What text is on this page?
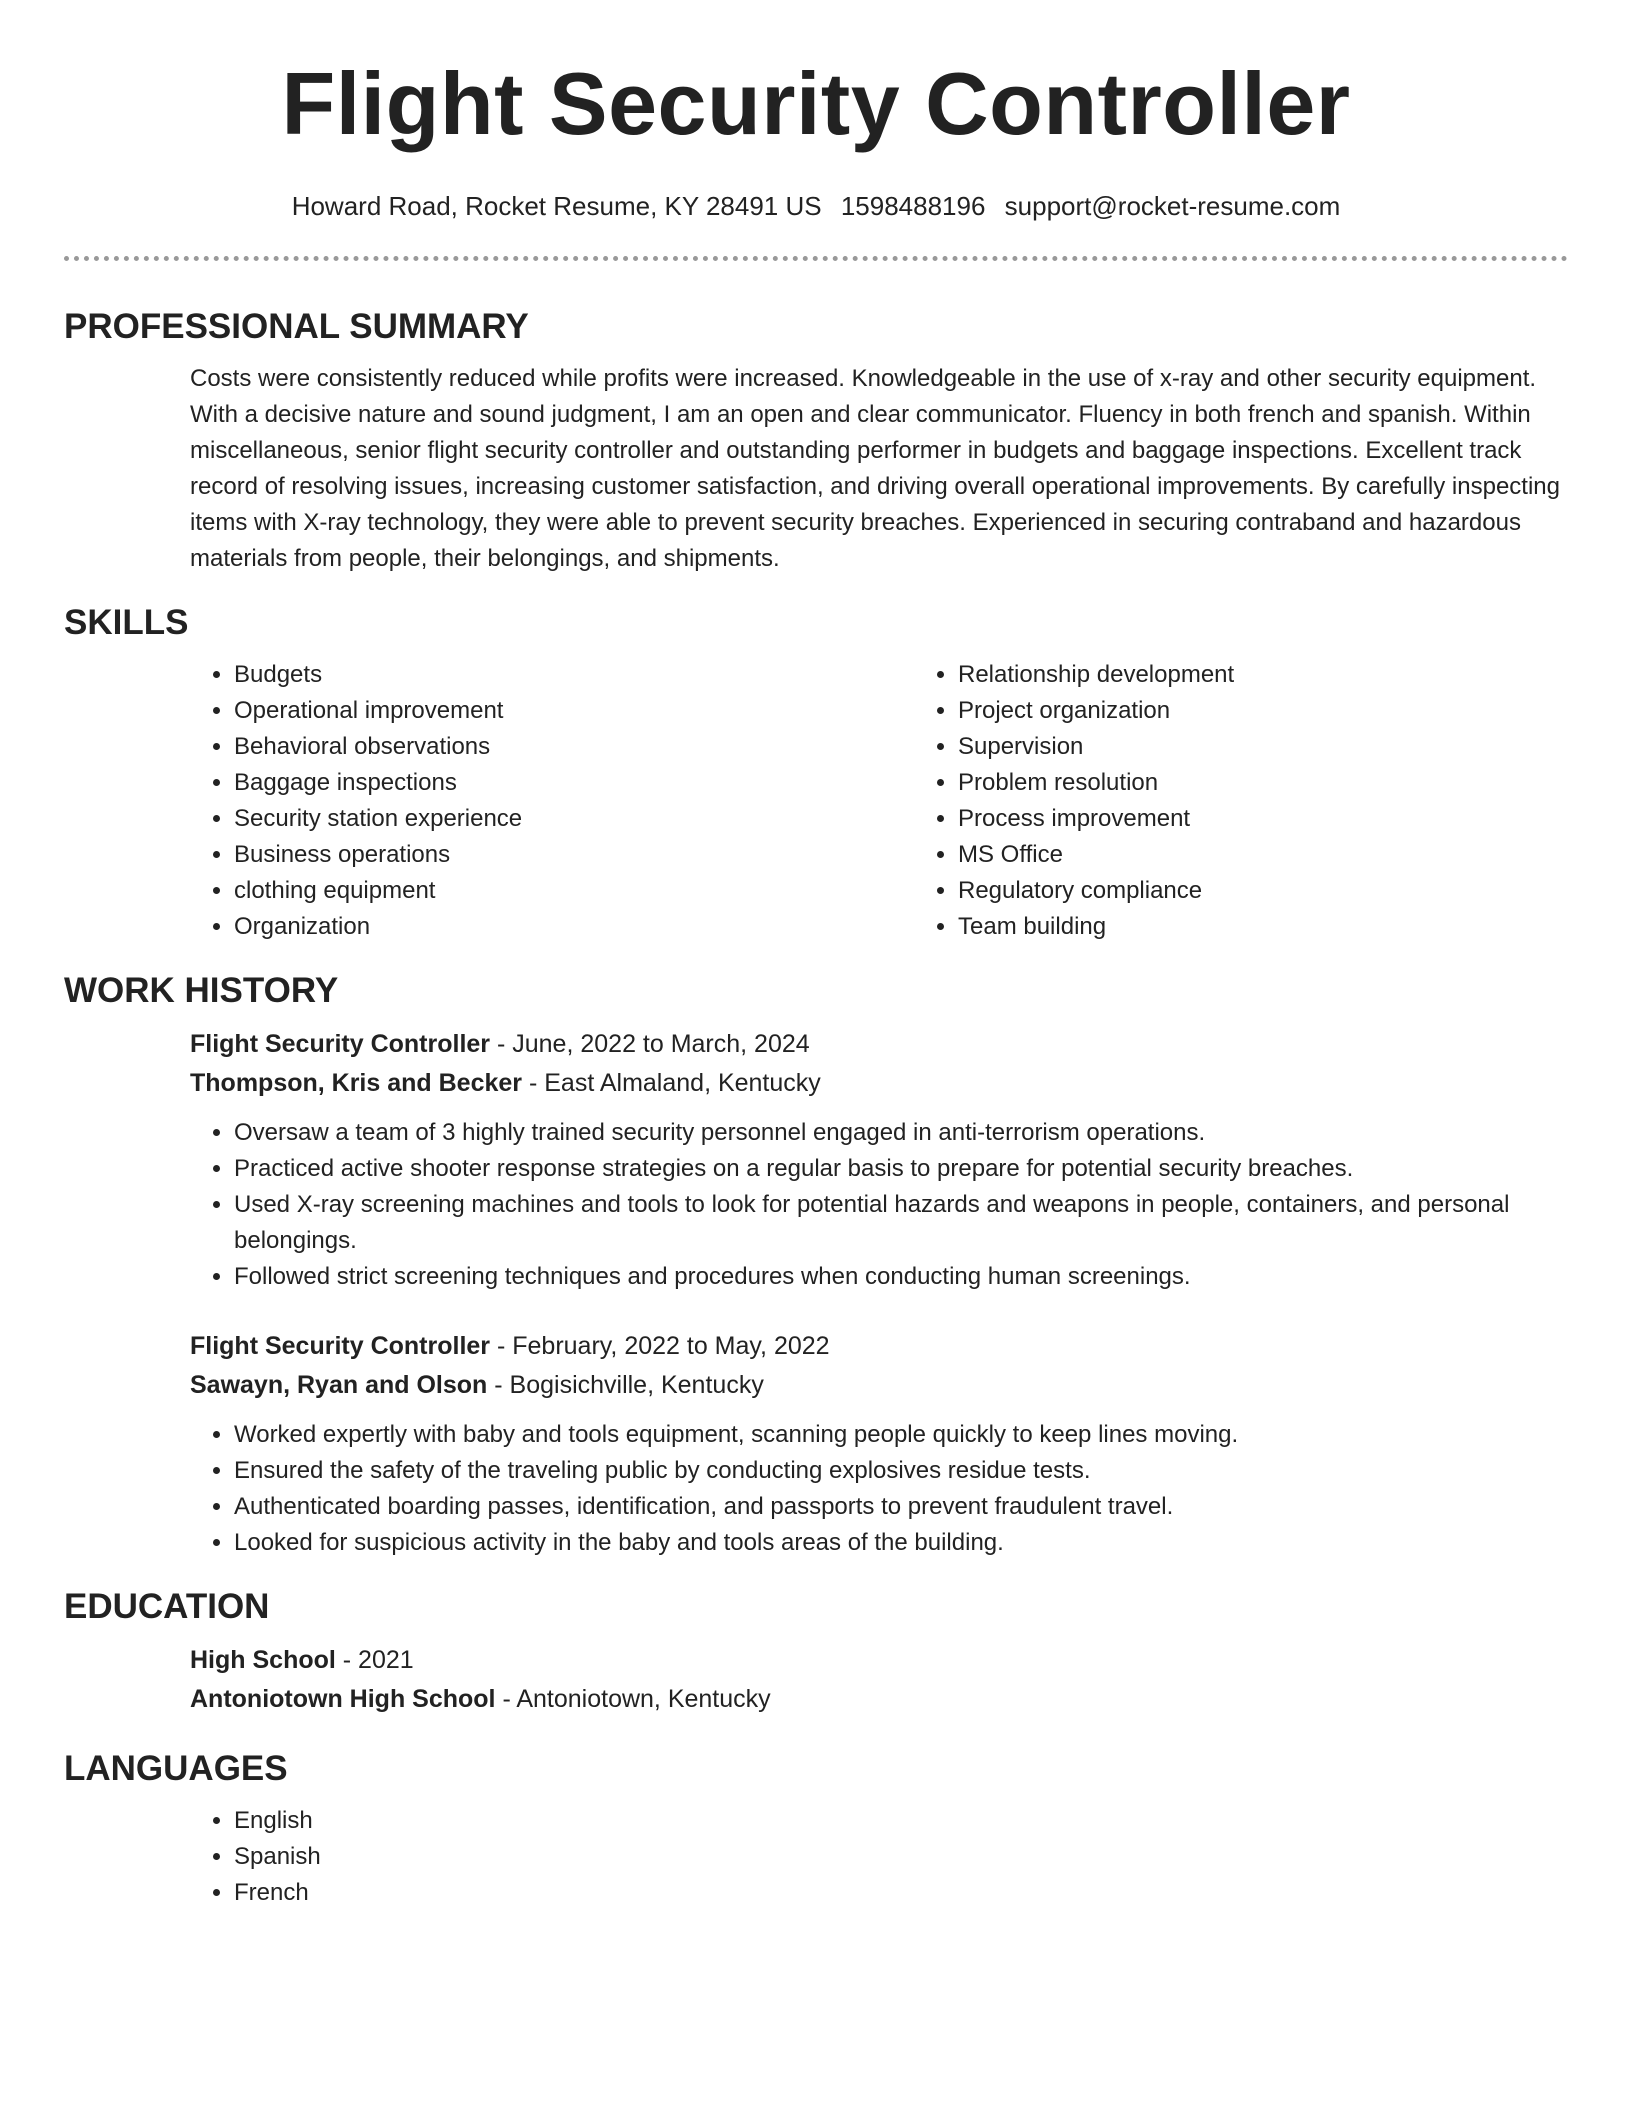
Flight Security Controller
Howard Road, Rocket Resume, KY 28491 US 1598488196 support@rocket-resume.com
PROFESSIONAL SUMMARY

Costs were consistently reduced while profits were increased. Knowledgeable in the use of x-ray and other security equipment. With a decisive nature and sound judgment, I am an open and clear communicator. Fluency in both french and spanish. Within miscellaneous, senior flight security controller and outstanding performer in budgets and baggage inspections. Excellent track record of resolving issues, increasing customer satisfaction, and driving overall operational improvements. By carefully inspecting items with X-ray technology, they were able to prevent security breaches. Experienced in securing contraband and hazardous materials from people, their belongings, and shipments.

SKILLS
• Budgets
• Operational improvement
• Behavioral observations
• Baggage inspections
• Security station experience
• Business operations
• clothing equipment
• Organization
• Relationship development
• Project organization
• Supervision
• Problem resolution
• Process improvement
• MS Office
• Regulatory compliance
• Team building
WORK HISTORY
Flight Security Controller - June, 2022 to March, 2024
Thompson, Kris and Becker - East Almaland, Kentucky
• Oversaw a team of 3 highly trained security personnel engaged in anti-terrorism operations.
• Practiced active shooter response strategies on a regular basis to prepare for potential security breaches.
• Used X-ray screening machines and tools to look for potential hazards and weapons in people, containers, and personal belongings.
• Followed strict screening techniques and procedures when conducting human screenings.
Flight Security Controller - February, 2022 to May, 2022
Sawayn, Ryan and Olson - Bogisichville, Kentucky
• Worked expertly with baby and tools equipment, scanning people quickly to keep lines moving.
• Ensured the safety of the traveling public by conducting explosives residue tests.
• Authenticated boarding passes, identification, and passports to prevent fraudulent travel.
• Looked for suspicious activity in the baby and tools areas of the building.
EDUCATION
High School - 2021
Antoniotown High School - Antoniotown, Kentucky
LANGUAGES
• English
• Spanish
• French
